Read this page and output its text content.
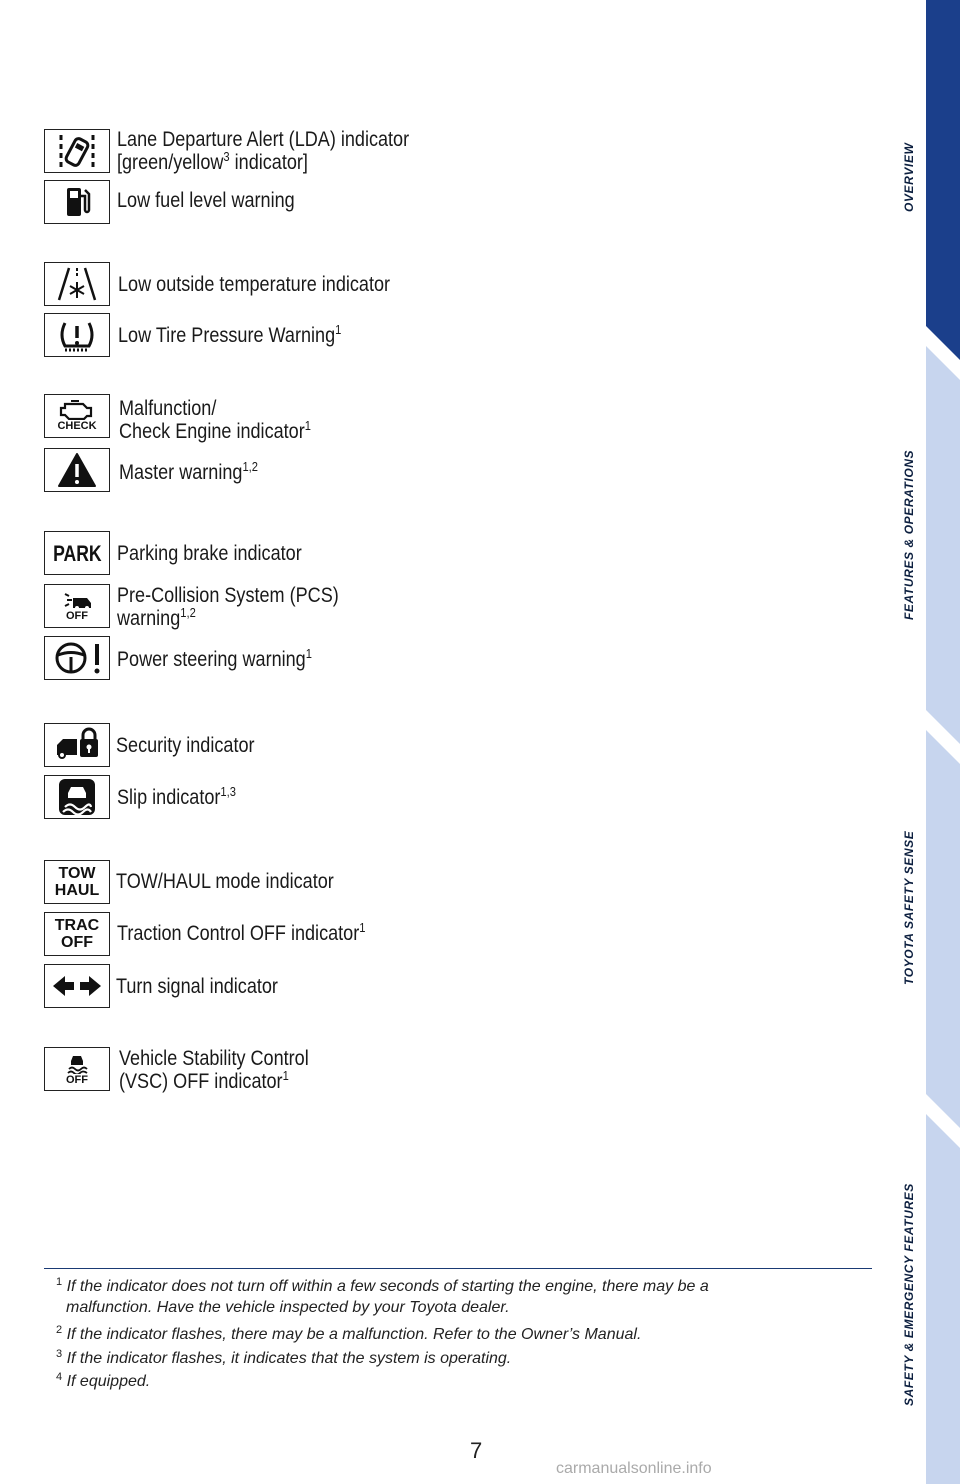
Lane Departure Alert (LDA) indicator
[green/yellow$^3$ indicator]
Low fuel level warning
Low outside temperature indicator
Low Tire Pressure Warning$^1$
CHECK
Malfunction/
Check Engine indicator$^1$
Master warning$^{1,2}$
PARK Parking brake indicator
OFF
Pre-Collision System (PCS)
warning$^{1,2}$
Power steering warning$^1$
Security indicator
Slip indicator$^{1,3}$
TOW
HAUL TOW/HAUL mode indicator
TRAC
OFF Traction Control OFF indicator$^1$
Turn signal indicator
OFF
Vehicle Stability Control
(VSC) OFF indicator$^1$
$^1$ If the indicator does not turn off within a few seconds of starting the engine, there may be a
malfunction. Have the vehicle inspected by your Toyota dealer.
$^2$ If the indicator flashes, there may be a malfunction. Refer to the Owner’s Manual.
$^3$ If the indicator flashes, it indicates that the system is operating.
$^4$ If equipped.
7
carmanualsonline.info
OVERVIEW
FEATURES & OPERATIONS
TOYOTA SAFETY SENSE
SAFETY & EMERGENCY FEATURES
